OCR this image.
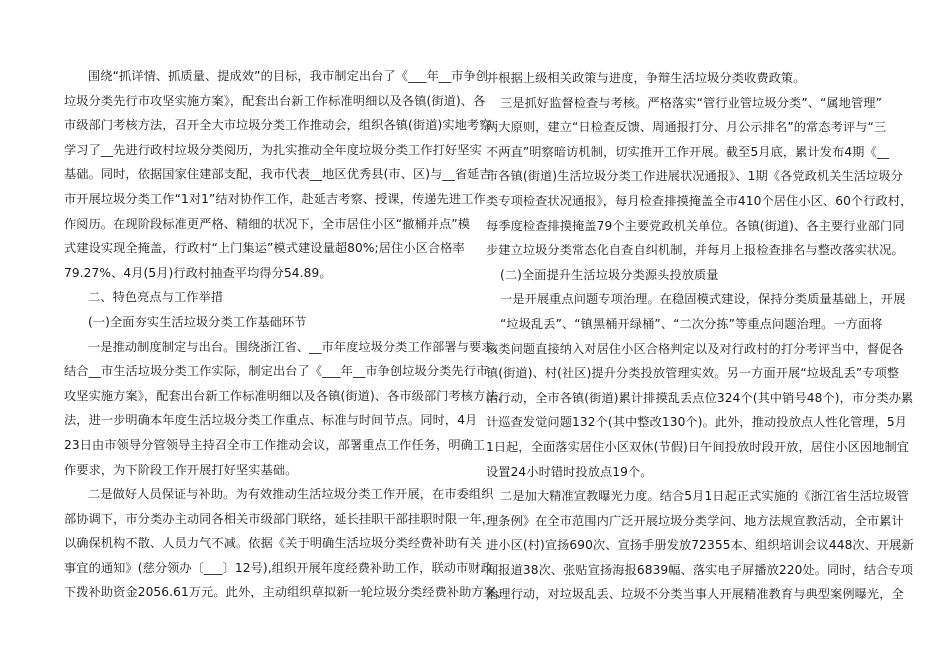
围绕“抓详情、抓质量、提成效”的目标，我市制定出台了《___年__市争创
垃圾分类先行市攻坚实施方案》，配套出台新工作标准明细以及各镇(街道)、各
市级部门考核方法，召开全大市垃圾分类工作推动会，组织各镇(街道)实地考察
学习了__先进行政村垃圾分类阅历，为扎实推动全年度垃圾分类工作打好坚实
基础。同时，依据国家住建部支配，我市代表__地区优秀县(市、区)与__省延吉
市开展垃圾分类工作“1对1”结对协作工作，赴延吉考察、授课，传递先进工作
作阅历。在现阶段标准更严格、精细的状况下，全市居住小区“撤桶并点”模
式建设实现全掩盖，行政村“上门集运”模式建设量超80%;居住小区合格率
79.27%、4月(5月)行政村抽查平均得分54.89。
二、特色亮点与工作举措
(一)全面夯实生活垃圾分类工作基础环节
一是推动制度制定与出台。围绕浙江省、__市年度垃圾分类工作部署与要求，
结合__市生活垃圾分类工作实际，制定出台了《___年__市争创垃圾分类先行市
攻坚实施方案》，配套出台新工作标准明细以及各镇(街道)、各市级部门考核方法，
法，进一步明确本年度生活垃圾分类工作重点、标准与时间节点。同时，4月
23日由市领导分管领导主持召全市工作推动会议，部署重点工作任务，明确工
作要求，为下阶段工作开展打好坚实基础。
二是做好人员保证与补助。为有效推动生活垃圾分类工作开展，在市委组织
部协调下，市分类办主动同各相关市级部门联络，延长挂职干部挂职时限一年，
以确保机构不散、人员力气不减。依据《关于明确生活垃圾分类经费补助有关
事宜的通知》(慈分领办〔___〕12号),组织开展年度经费补助工作，联动市财政
下拨补助资金2056.61万元。此外，主动组织草拟新一轮垃圾分类经费补助方案，
并根据上级相关政策与进度，争辩生活垃圾分类收费政策。
三是抓好监督检查与考核。严格落实“管行业管垃圾分类”、“属地管理”
两大原则，建立“日检查反馈、周通报打分、月公示排名”的常态考评与“三
不两直”明察暗访机制，切实推开工作开展。截至5月底，累计发布4期《__
市各镇(街道)生活垃圾分类工作进展状况通报》、1期《各党政机关生活垃圾分
类专项检查状况通报》，每月检查排摸掩盖全市410个居住小区、60个行政村，
每季度检查排摸掩盖79个主要党政机关单位。各镇(街道)、各主要行业部门同
步建立垃圾分类常态化自查自纠机制，并每月上报检查排名与整改落实状况。
(二)全面提升生活垃圾分类源头投放质量
一是开展重点问题专项治理。在稳固模式建设，保持分类质量基础上，开展
“垃圾乱丢”、“镇黑桶开绿桶”、“二次分拣”等重点问题治理。一方面将
该类问题直接纳入对居住小区合格判定以及对行政村的打分考评当中，督促各
镇(街道)、村(社区)提升分类投放管理实效。另一方面开展“垃圾乱丢”专项整
治行动，全市各镇(街道)累计排摸乱丢点位324个(其中销号48个)，市分类办累
计巡查发觉问题132个(其中整改130个)。此外，推动投放点人性化管理，5月
1日起，全面落实居住小区双休(节假)日午间投放时段开放，居住小区因地制宜
设置24小时错时投放点19个。
二是加大精准宣教曝光力度。结合5月1日起正式实施的《浙江省生活垃圾管
理条例》在全市范围内广泛开展垃圾分类学问、地方法规宣教活动，全市累计
进小区(村)宣扬690次、宣扬手册发放72355本、组织培训会议448次、开展新
闻报道38次、张贴宣扬海报6839幅、落实电子屏播放220处。同时，结合专项
治理行动，对垃圾乱丢、垃圾不分类当事人开展精准教育与典型案例曝光，全
